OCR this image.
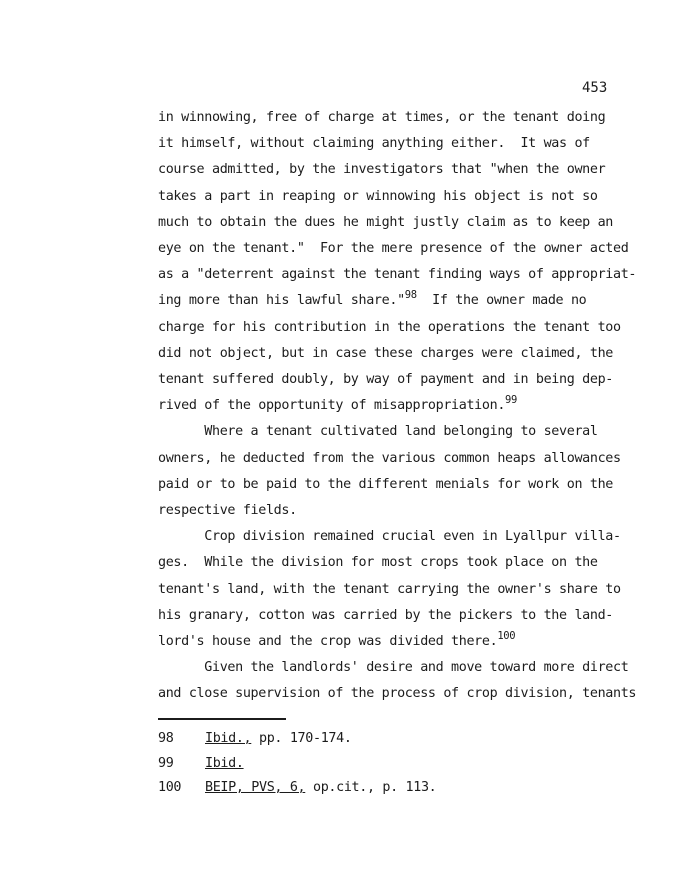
453
in winnowing, free of charge at times, or the tenant doing
it himself, without claiming anything either.  It was of
course admitted, by the investigators that "when the owner
takes a part in reaping or winnowing his object is not so
much to obtain the dues he might justly claim as to keep an
eye on the tenant."  For the mere presence of the owner acted
as a "deterrent against the tenant finding ways of appropriat-
ing more than his lawful share."$^{98}$  If the owner made no
charge for his contribution in the operations the tenant too
did not object, but in case these charges were claimed, the
tenant suffered doubly, by way of payment and in being dep-
rived of the opportunity of misappropriation.$^{99}$
Where a tenant cultivated land belonging to several
owners, he deducted from the various common heaps allowances
paid or to be paid to the different menials for work on the
respective fields.
Crop division remained crucial even in Lyallpur villa-
ges.  While the division for most crops took place on the
tenant's land, with the tenant carrying the owner's share to
his granary, cotton was carried by the pickers to the land-
lord's house and the crop was divided there.$^{100}$
Given the landlords' desire and move toward more direct
and close supervision of the process of crop division, tenants
98 Ibid., pp. 170-174.
99 Ibid.
100 BEIP, PVS, 6, op.cit., p. 113.
